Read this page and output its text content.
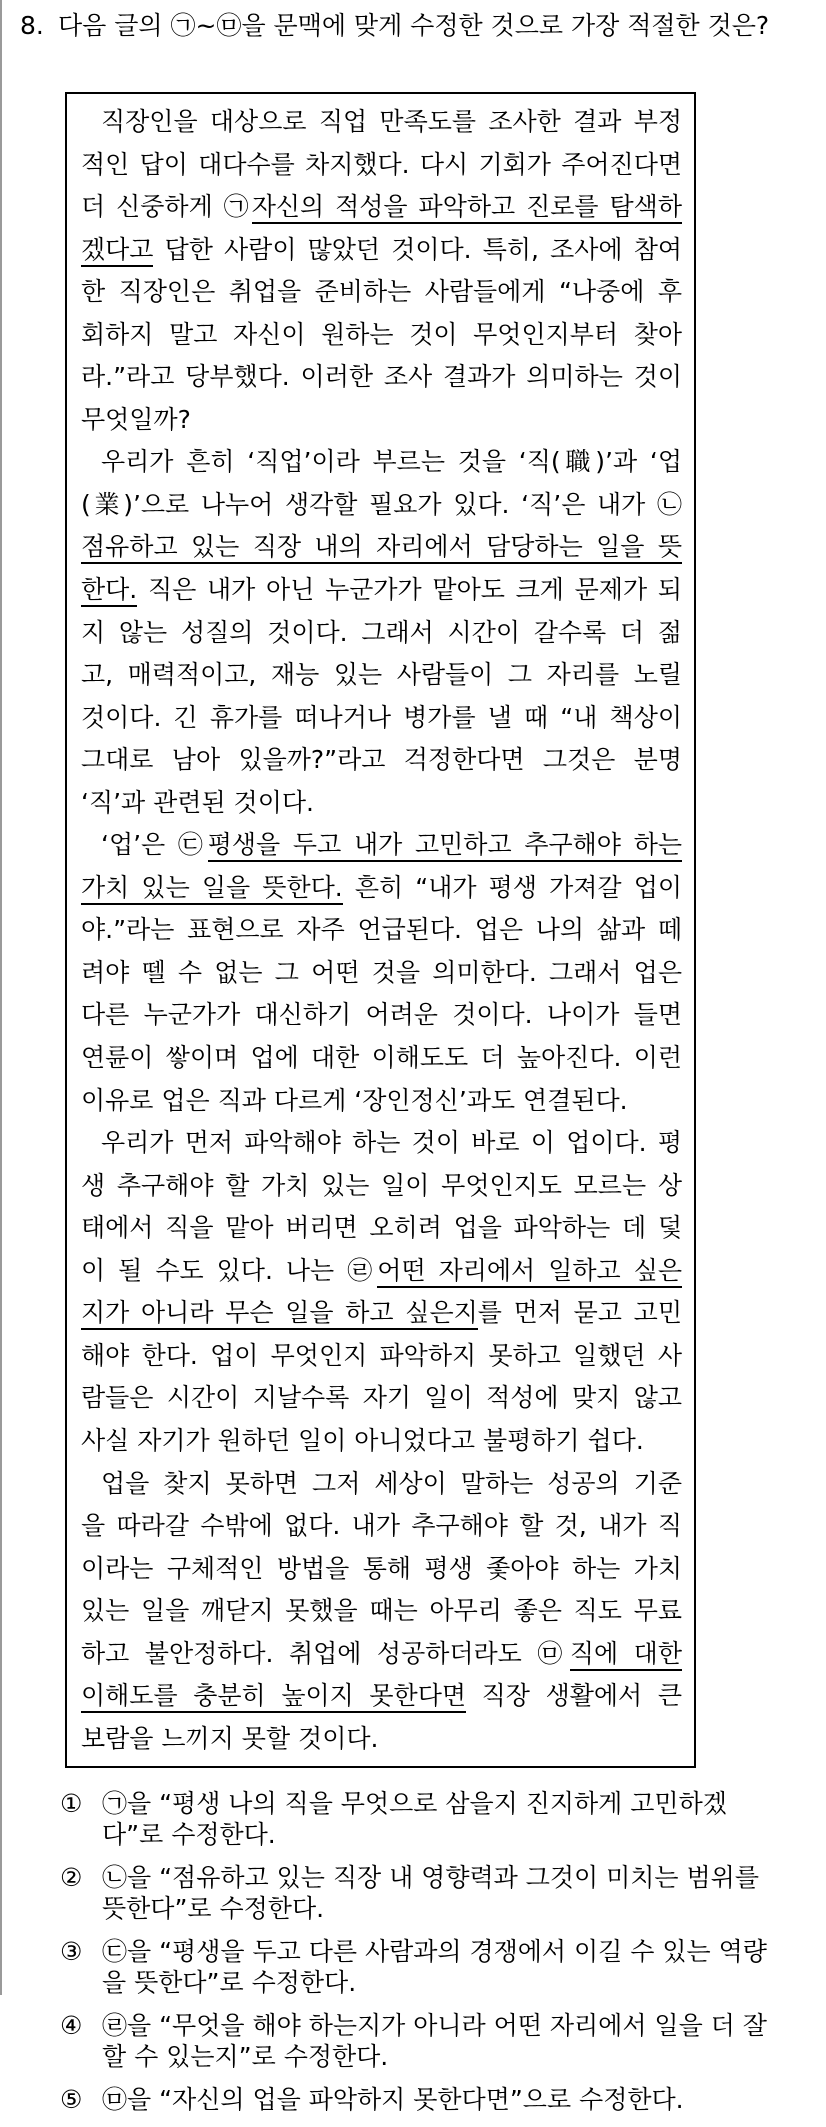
8. 다음 글의 ㉠~㉤을 문맥에 맞게 수정한 것으로 가장 적절한 것은?
직장인을 대상으로 직업 만족도를 조사한 결과 부정
적인 답이 대다수를 차지했다. 다시 기회가 주어진다면
더 신중하게 ㉠자신의 적성을 파악하고 진로를 탐색하
겠다고 답한 사람이 많았던 것이다. 특히, 조사에 참여
한 직장인은 취업을 준비하는 사람들에게 “나중에 후
회하지 말고 자신이 원하는 것이 무엇인지부터 찾아
라.”라고 당부했다. 이러한 조사 결과가 의미하는 것이
무엇일까?
우리가 흔히 ‘직업’이라 부르는 것을 ‘직(職)’과 ‘업
(業)’으로 나누어 생각할 필요가 있다. ‘직’은 내가 ㉡
점유하고 있는 직장 내의 자리에서 담당하는 일을 뜻
한다. 직은 내가 아닌 누군가가 맡아도 크게 문제가 되
지 않는 성질의 것이다. 그래서 시간이 갈수록 더 젊
고, 매력적이고, 재능 있는 사람들이 그 자리를 노릴
것이다. 긴 휴가를 떠나거나 병가를 낼 때 “내 책상이
그대로 남아 있을까?”라고 걱정한다면 그것은 분명
‘직’과 관련된 것이다.
‘업’은 ㉢평생을 두고 내가 고민하고 추구해야 하는
가치 있는 일을 뜻한다. 흔히 “내가 평생 가져갈 업이
야.”라는 표현으로 자주 언급된다. 업은 나의 삶과 떼
려야 뗄 수 없는 그 어떤 것을 의미한다. 그래서 업은
다른 누군가가 대신하기 어려운 것이다. 나이가 들면
연륜이 쌓이며 업에 대한 이해도도 더 높아진다. 이런
이유로 업은 직과 다르게 ‘장인정신’과도 연결된다.
우리가 먼저 파악해야 하는 것이 바로 이 업이다. 평
생 추구해야 할 가치 있는 일이 무엇인지도 모르는 상
태에서 직을 맡아 버리면 오히려 업을 파악하는 데 덫
이 될 수도 있다. 나는 ㉣어떤 자리에서 일하고 싶은
지가 아니라 무슨 일을 하고 싶은지를 먼저 묻고 고민
해야 한다. 업이 무엇인지 파악하지 못하고 일했던 사
람들은 시간이 지날수록 자기 일이 적성에 맞지 않고
사실 자기가 원하던 일이 아니었다고 불평하기 쉽다.
업을 찾지 못하면 그저 세상이 말하는 성공의 기준
을 따라갈 수밖에 없다. 내가 추구해야 할 것, 내가 직
이라는 구체적인 방법을 통해 평생 좇아야 하는 가치
있는 일을 깨닫지 못했을 때는 아무리 좋은 직도 무료
하고 불안정하다. 취업에 성공하더라도 ㉤직에 대한
이해도를 충분히 높이지 못한다면 직장 생활에서 큰
보람을 느끼지 못할 것이다.
① ㉠을 “평생 나의 직을 무엇으로 삼을지 진지하게 고민하겠다”로 수정한다.
② ㉡을 “점유하고 있는 직장 내 영향력과 그것이 미치는 범위를 뜻한다”로 수정한다.
③ ㉢을 “평생을 두고 다른 사람과의 경쟁에서 이길 수 있는 역량을 뜻한다”로 수정한다.
④ ㉣을 “무엇을 해야 하는지가 아니라 어떤 자리에서 일을 더 잘할 수 있는지”로 수정한다.
⑤ ㉤을 “자신의 업을 파악하지 못한다면”으로 수정한다.
